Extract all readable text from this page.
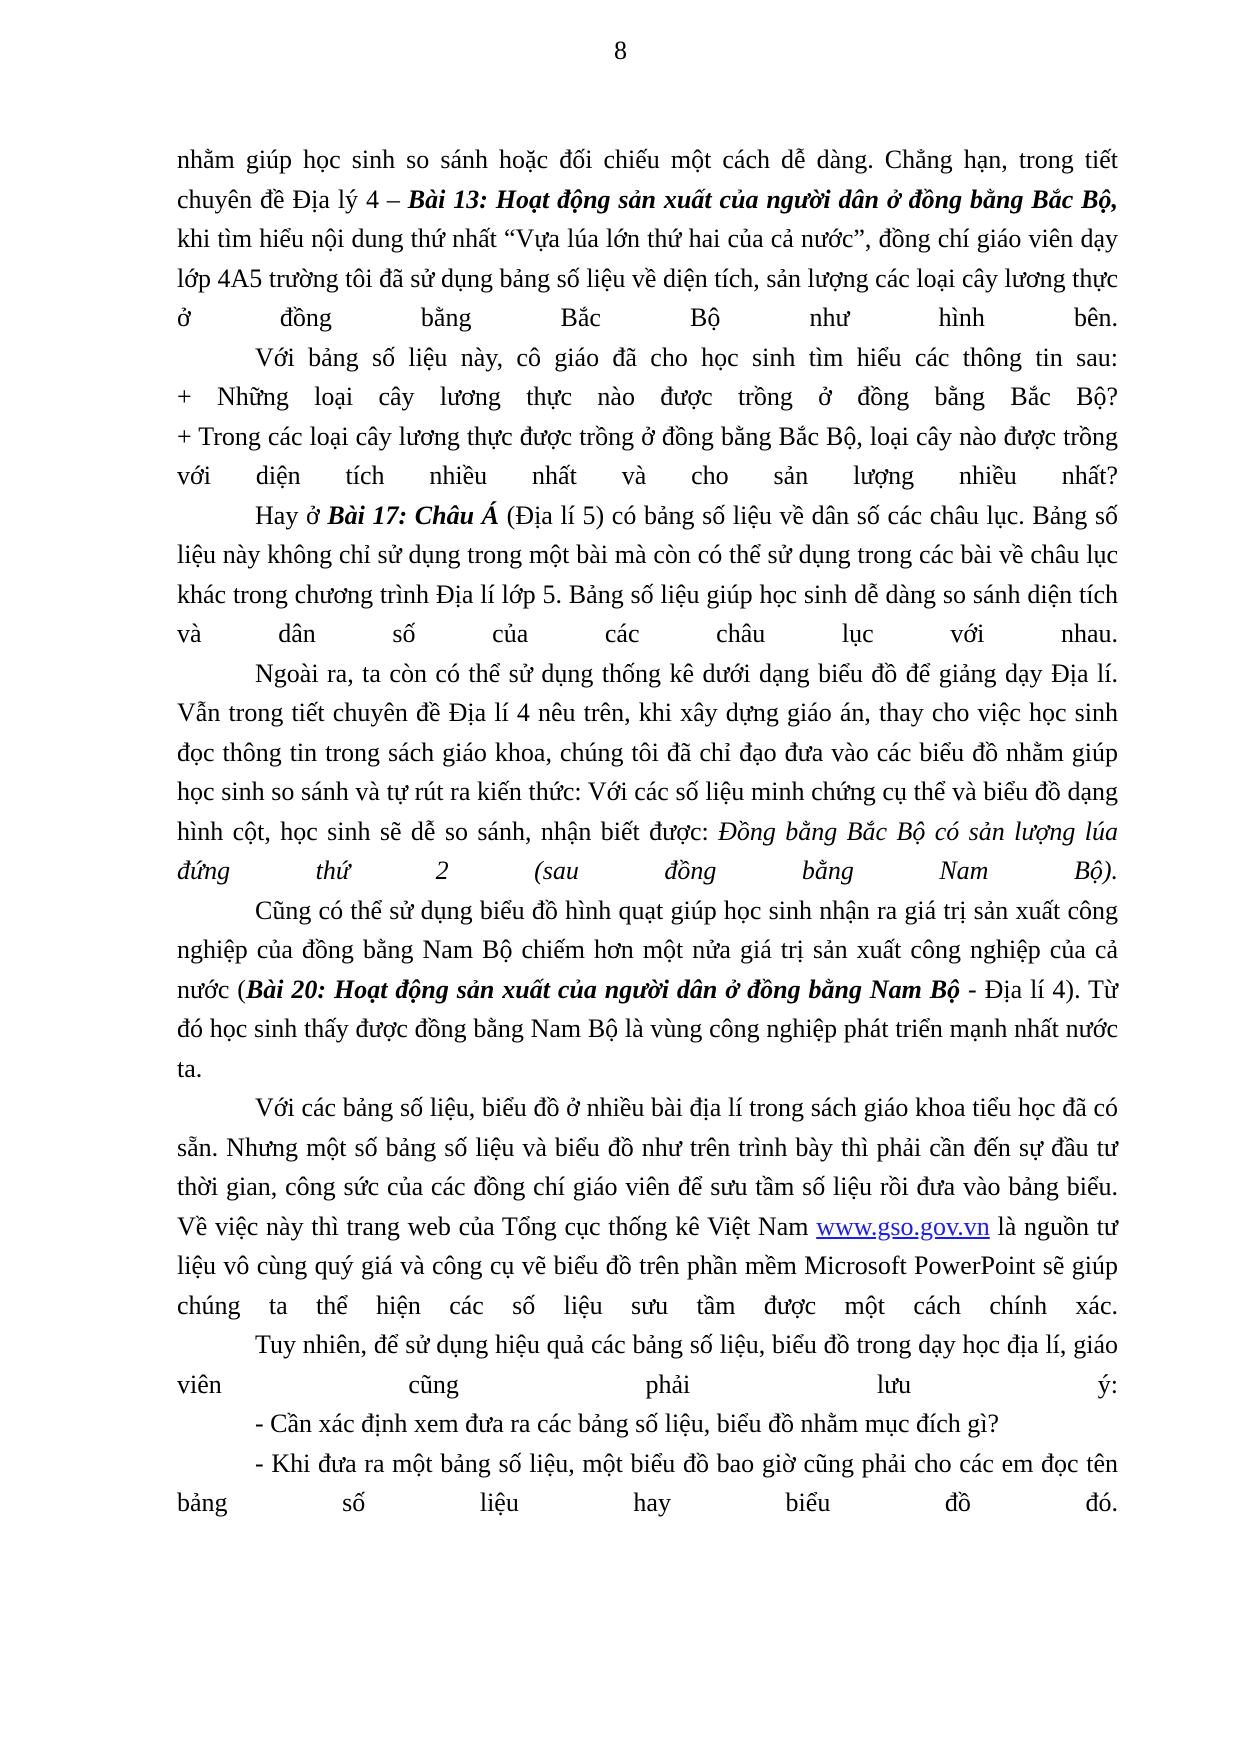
8

nhằm giúp học sinh so sánh hoặc đối chiếu một cách dễ dàng. Chẳng hạn, trong tiết chuyên đề Địa lý 4 – Bài 13: Hoạt động sản xuất của người dân ở đồng bằng Bắc Bộ, khi tìm hiểu nội dung thứ nhất “Vựa lúa lớn thứ hai của cả nước”, đồng chí giáo viên dạy lớp 4A5 trường tôi đã sử dụng bảng số liệu về diện tích, sản lượng các loại cây lương thực ở đồng bằng Bắc Bộ như hình bên.

Với bảng số liệu này, cô giáo đã cho học sinh tìm hiểu các thông tin sau:

+ Những loại cây lương thực nào được trồng ở đồng bằng Bắc Bộ?

+ Trong các loại cây lương thực được trồng ở đồng bằng Bắc Bộ, loại cây nào được trồng với diện tích nhiều nhất và cho sản lượng nhiều nhất?

Hay ở Bài 17: Châu Á (Địa lí 5) có bảng số liệu về dân số các châu lục. Bảng số liệu này không chỉ sử dụng trong một bài mà còn có thể sử dụng trong các bài về châu lục khác trong chương trình Địa lí lớp 5. Bảng số liệu giúp học sinh dễ dàng so sánh diện tích và dân số của các châu lục với nhau.

Ngoài ra, ta còn có thể sử dụng thống kê dưới dạng biểu đồ để giảng dạy Địa lí. Vẫn trong tiết chuyên đề Địa lí 4 nêu trên, khi xây dựng giáo án, thay cho việc học sinh đọc thông tin trong sách giáo khoa, chúng tôi đã chỉ đạo đưa vào các biểu đồ nhằm giúp học sinh so sánh và tự rút ra kiến thức: Với các số liệu minh chứng cụ thể và biểu đồ dạng hình cột, học sinh sẽ dễ so sánh, nhận biết được: Đồng bằng Bắc Bộ có sản lượng lúa đứng thứ 2 (sau đồng bằng Nam Bộ).

Cũng có thể sử dụng biểu đồ hình quạt giúp học sinh nhận ra giá trị sản xuất công nghiệp của đồng bằng Nam Bộ chiếm hơn một nửa giá trị sản xuất công nghiệp của cả nước (Bài 20: Hoạt động sản xuất của người dân ở đồng bằng Nam Bộ - Địa lí 4). Từ đó học sinh thấy được đồng bằng Nam Bộ là vùng công nghiệp phát triển mạnh nhất nước ta.

Với các bảng số liệu, biểu đồ ở nhiều bài địa lí trong sách giáo khoa tiểu học đã có sẵn. Nhưng một số bảng số liệu và biểu đồ như trên trình bày thì phải cần đến sự đầu tư thời gian, công sức của các đồng chí giáo viên để sưu tầm số liệu rồi đưa vào bảng biểu. Về việc này thì trang web của Tổng cục thống kê Việt Nam www.gso.gov.vn là nguồn tư liệu vô cùng quý giá và công cụ vẽ biểu đồ trên phần mềm Microsoft PowerPoint sẽ giúp chúng ta thể hiện các số liệu sưu tầm được một cách chính xác.

Tuy nhiên, để sử dụng hiệu quả các bảng số liệu, biểu đồ trong dạy học địa lí, giáo viên cũng phải lưu ý:

- Cần xác định xem đưa ra các bảng số liệu, biểu đồ nhằm mục đích gì?

- Khi đưa ra một bảng số liệu, một biểu đồ bao giờ cũng phải cho các em đọc tên bảng số liệu hay biểu đồ đó.
